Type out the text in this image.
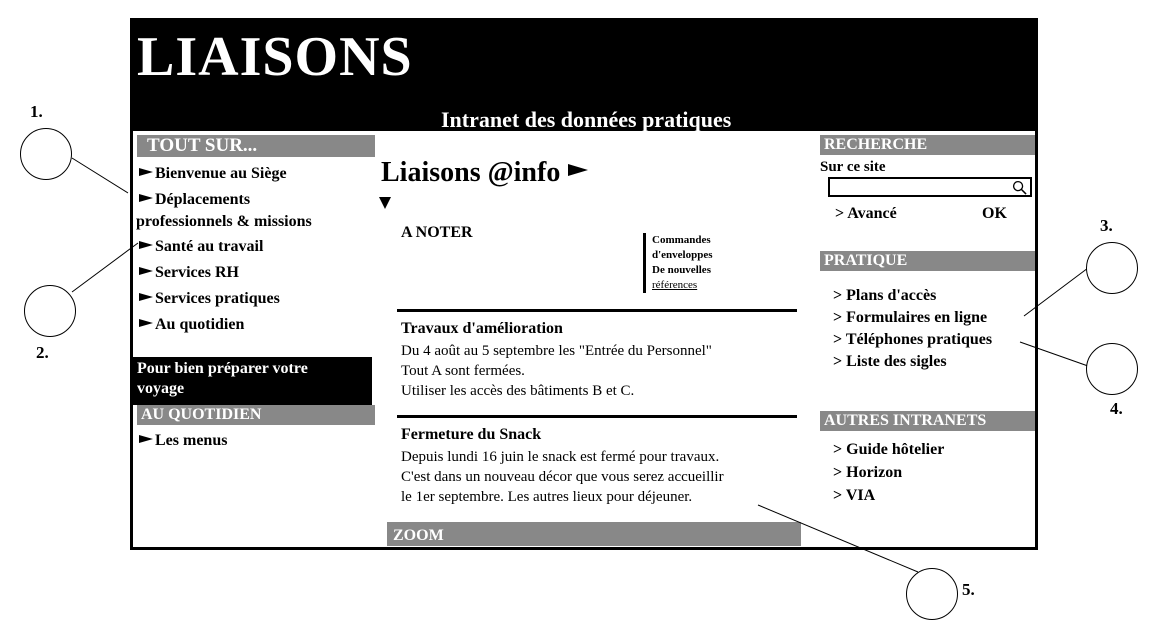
LIAISONS
Intranet des données pratiques
TOUT SUR...
Bienvenue au Siège
Déplacements
professionnels & missions
Santé au travail
Services RH
Services pratiques
Au quotidien
Pour bien préparer votre
voyage
AU QUOTIDIEN
Les menus
Liaisons @info
A NOTER	Commandes
d'enveloppes
De nouvelles
références
Travaux d'amélioration
Du 4 août au 5 septembre les "Entrée du Personnel"
Tout A sont fermées.
Utiliser les accès des bâtiments B et C.
Fermeture du Snack
Depuis lundi 16 juin le snack est fermé pour travaux.
C'est dans un nouveau décor que vous serez accueillir
le 1er septembre. Les autres lieux pour déjeuner.
ZOOM
RECHERCHE
Sur ce site
> Avancé	OK
PRATIQUE
> Plans d'accès
> Formulaires en ligne
> Téléphones pratiques
> Liste des sigles
AUTRES INTRANETS
> Guide hôtelier
> Horizon
> VIA
1.
2.
3.
4.
5.
